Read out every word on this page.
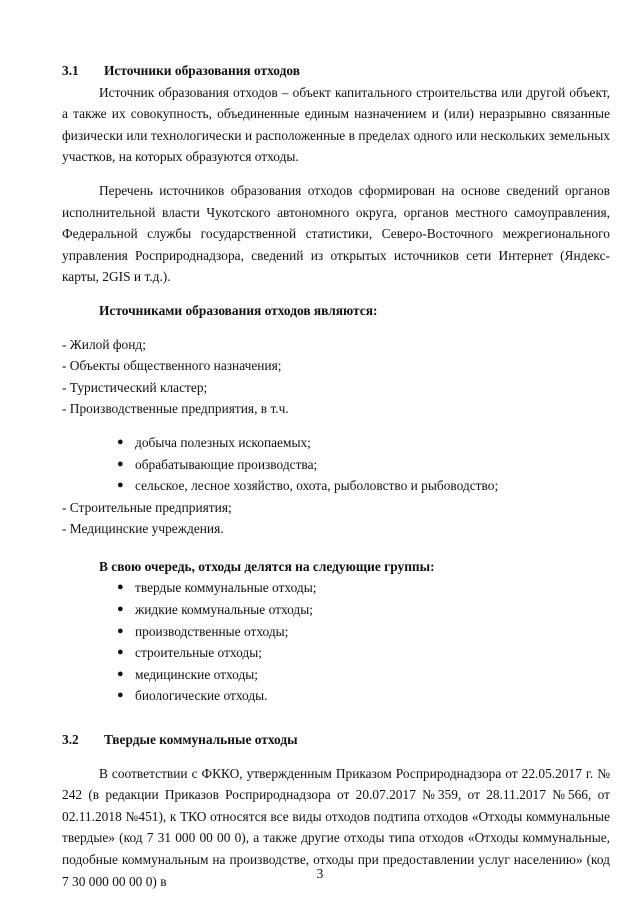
3.1	Источники образования отходов

Источник образования отходов – объект капитального строительства или другой объект, а также их совокупность, объединенные единым назначением и (или) неразрывно связанные физически или технологически и расположенные в пределах одного или нескольких земельных участков, на которых образуются отходы.

Перечень источников образования отходов сформирован на основе сведений органов исполнительной власти Чукотского автономного округа, органов местного самоуправления, Федеральной службы государственной статистики, Северо-Восточного межрегионального управления Росприроднадзора, сведений из открытых источников сети Интернет (Яндекс-карты, 2GIS и т.д.).

Источниками образования отходов являются:

- Жилой фонд;
- Объекты общественного назначения;
- Туристический кластер;
- Производственные предприятия, в т.ч.
● добыча полезных ископаемых;
● обрабатывающие производства;
● сельское, лесное хозяйство, охота, рыболовство и рыбоводство;
- Строительные предприятия;
- Медицинские учреждения.

В свою очередь, отходы делятся на следующие группы:

● твердые коммунальные отходы;
● жидкие коммунальные отходы;
● производственные отходы;
● строительные отходы;
● медицинские отходы;
● биологические отходы.
3.2	Твердые коммунальные отходы

В соответствии с ФККО, утвержденным Приказом Росприроднадзора от 22.05.2017 г. № 242 (в редакции Приказов Росприроднадзора от 20.07.2017 №359, от 28.11.2017 №566, от 02.11.2018 №451), к ТКО относятся все виды отходов подтипа отходов «Отходы коммунальные твердые» (код 7 31 000 00 00 0), а также другие отходы типа отходов «Отходы коммунальные, подобные коммунальным на производстве, отходы при предоставлении услуг населению» (код 7 30 000 00 00 0) в

3
